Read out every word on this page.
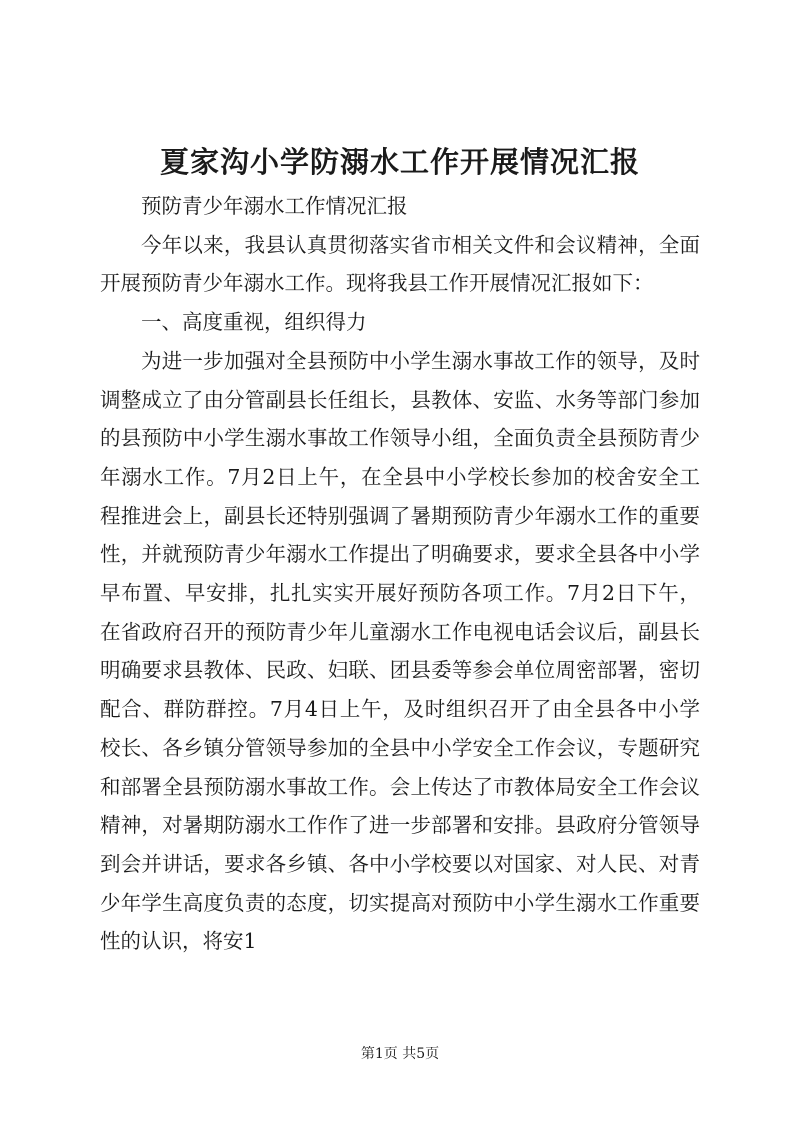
夏家沟小学防溺水工作开展情况汇报

预防青少年溺水工作情况汇报

今年以来，我县认真贯彻落实省市相关文件和会议精神，全面开展预防青少年溺水工作。现将我县工作开展情况汇报如下：

一、高度重视，组织得力

为进一步加强对全县预防中小学生溺水事故工作的领导，及时调整成立了由分管副县长任组长，县教体、安监、水务等部门参加的县预防中小学生溺水事故工作领导小组，全面负责全县预防青少年溺水工作。7月2日上午，在全县中小学校长参加的校舍安全工程推进会上，副县长还特别强调了暑期预防青少年溺水工作的重要性，并就预防青少年溺水工作提出了明确要求，要求全县各中小学早布置、早安排，扎扎实实开展好预防各项工作。7月2日下午，在省政府召开的预防青少年儿童溺水工作电视电话会议后，副县长明确要求县教体、民政、妇联、团县委等参会单位周密部署，密切配合、群防群控。7月4日上午，及时组织召开了由全县各中小学校长、各乡镇分管领导参加的全县中小学安全工作会议，专题研究和部署全县预防溺水事故工作。会上传达了市教体局安全工作会议精神，对暑期防溺水工作作了进一步部署和安排。县政府分管领导到会并讲话，要求各乡镇、各中小学校要以对国家、对人民、对青少年学生高度负责的态度，切实提高对预防中小学生溺水工作重要性的认识，将安1

第1页 共5页
